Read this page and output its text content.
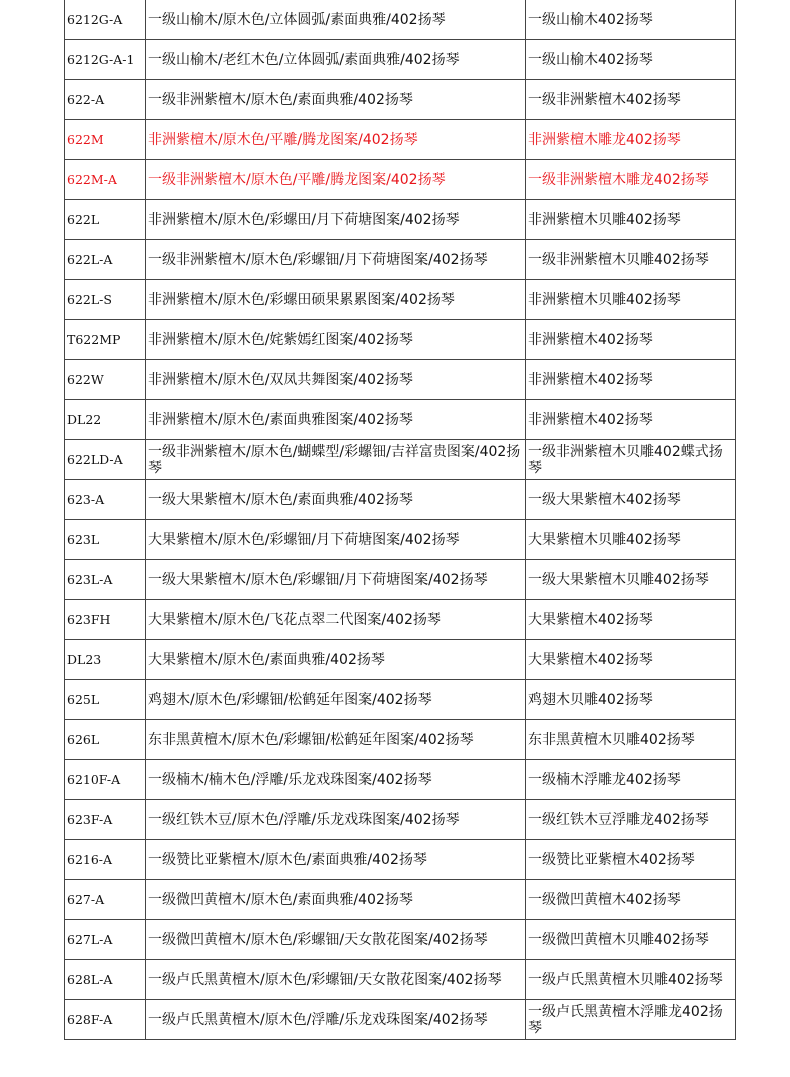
6212G-A	一级山榆木/原木色/立体圆弧/素面典雅/402扬琴	一级山榆木402扬琴
6212G-A-1	一级山榆木/老红木色/立体圆弧/素面典雅/402扬琴	一级山榆木402扬琴
622-A	一级非洲紫檀木/原木色/素面典雅/402扬琴	一级非洲紫檀木402扬琴
622M	非洲紫檀木/原木色/平雕/腾龙图案/402扬琴	非洲紫檀木雕龙402扬琴
622M-A	一级非洲紫檀木/原木色/平雕/腾龙图案/402扬琴	一级非洲紫檀木雕龙402扬琴
622L	非洲紫檀木/原木色/彩螺田/月下荷塘图案/402扬琴	非洲紫檀木贝雕402扬琴
622L-A	一级非洲紫檀木/原木色/彩螺钿/月下荷塘图案/402扬琴	一级非洲紫檀木贝雕402扬琴
622L-S	非洲紫檀木/原木色/彩螺田硕果累累图案/402扬琴	非洲紫檀木贝雕402扬琴
T622MP	非洲紫檀木/原木色/姹紫嫣红图案/402扬琴	非洲紫檀木402扬琴
622W	非洲紫檀木/原木色/双凤共舞图案/402扬琴	非洲紫檀木402扬琴
DL22	非洲紫檀木/原木色/素面典雅图案/402扬琴	非洲紫檀木402扬琴
622LD-A	一级非洲紫檀木/原木色/蝴蝶型/彩螺钿/吉祥富贵图案/402扬琴	一级非洲紫檀木贝雕402蝶式扬琴
623-A	一级大果紫檀木/原木色/素面典雅/402扬琴	一级大果紫檀木402扬琴
623L	大果紫檀木/原木色/彩螺钿/月下荷塘图案/402扬琴	大果紫檀木贝雕402扬琴
623L-A	一级大果紫檀木/原木色/彩螺钿/月下荷塘图案/402扬琴	一级大果紫檀木贝雕402扬琴
623FH	大果紫檀木/原木色/飞花点翠二代图案/402扬琴	大果紫檀木402扬琴
DL23	大果紫檀木/原木色/素面典雅/402扬琴	大果紫檀木402扬琴
625L	鸡翅木/原木色/彩螺钿/松鹤延年图案/402扬琴	鸡翅木贝雕402扬琴
626L	东非黑黄檀木/原木色/彩螺钿/松鹤延年图案/402扬琴	东非黑黄檀木贝雕402扬琴
6210F-A	一级楠木/楠木色/浮雕/乐龙戏珠图案/402扬琴	一级楠木浮雕龙402扬琴
623F-A	一级红铁木豆/原木色/浮雕/乐龙戏珠图案/402扬琴	一级红铁木豆浮雕龙402扬琴
6216-A	一级赞比亚紫檀木/原木色/素面典雅/402扬琴	一级赞比亚紫檀木402扬琴
627-A	一级微凹黄檀木/原木色/素面典雅/402扬琴	一级微凹黄檀木402扬琴
627L-A	一级微凹黄檀木/原木色/彩螺钿/天女散花图案/402扬琴	一级微凹黄檀木贝雕402扬琴
628L-A	一级卢氏黑黄檀木/原木色/彩螺钿/天女散花图案/402扬琴	一级卢氏黑黄檀木贝雕402扬琴
628F-A	一级卢氏黑黄檀木/原木色/浮雕/乐龙戏珠图案/402扬琴	一级卢氏黑黄檀木浮雕龙402扬琴
